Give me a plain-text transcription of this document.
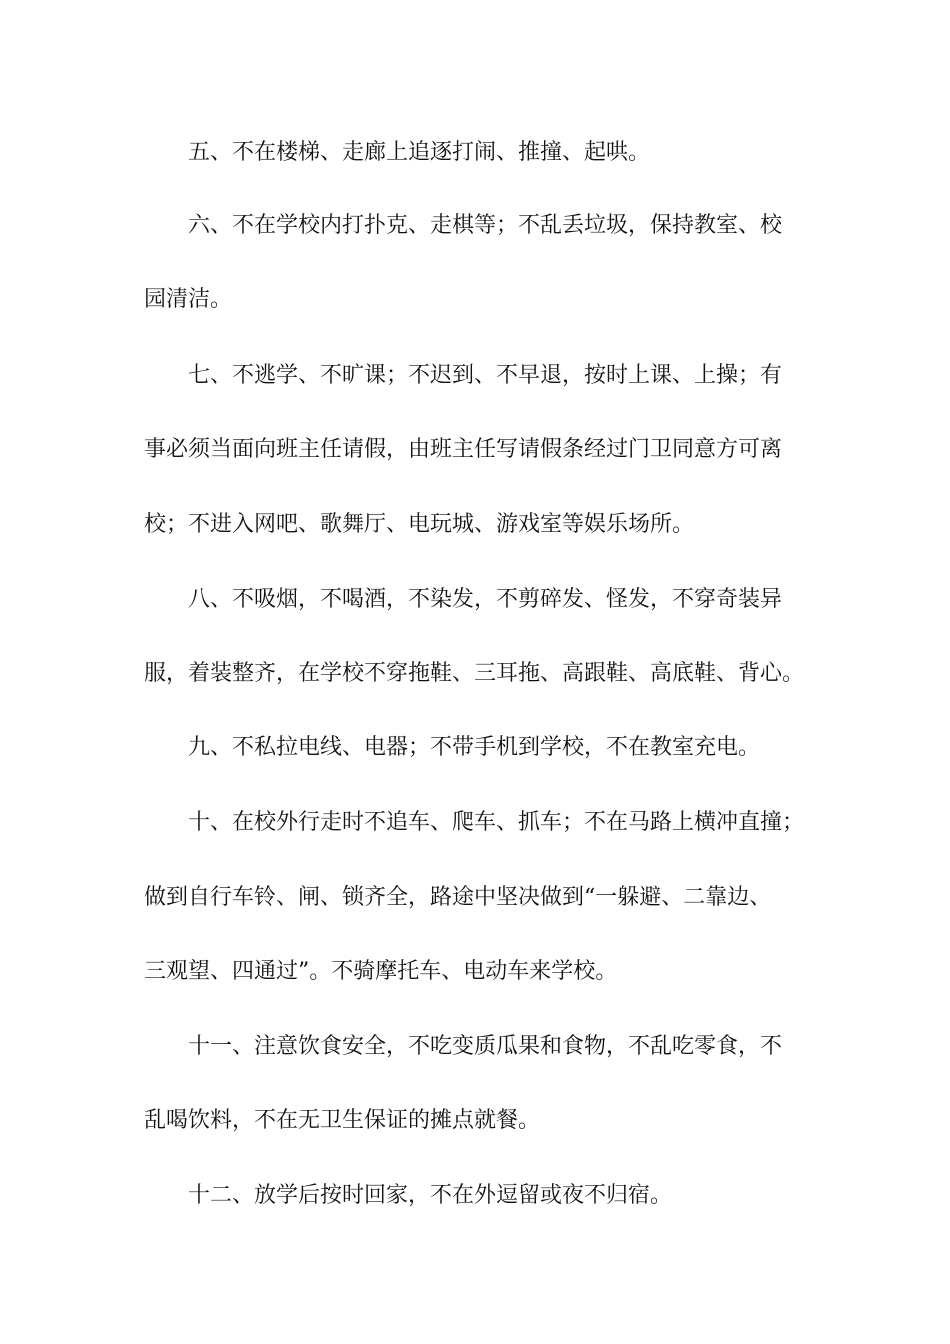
五、不在楼梯、走廊上追逐打闹、推撞、起哄。

六、不在学校内打扑克、走棋等；不乱丢垃圾，保持教室、校

园清洁。

七、不逃学、不旷课；不迟到、不早退，按时上课、上操；有

事必须当面向班主任请假，由班主任写请假条经过门卫同意方可离

校；不进入网吧、歌舞厅、电玩城、游戏室等娱乐场所。

八、不吸烟，不喝酒，不染发，不剪碎发、怪发，不穿奇装异

服，着装整齐，在学校不穿拖鞋、三耳拖、高跟鞋、高底鞋、背心。

九、不私拉电线、电器；不带手机到学校，不在教室充电。

十、在校外行走时不追车、爬车、抓车；不在马路上横冲直撞；

做到自行车铃、闸、锁齐全，路途中坚决做到“一躲避、二靠边、

三观望、四通过”。不骑摩托车、电动车来学校。

十一、注意饮食安全，不吃变质瓜果和食物，不乱吃零食，不

乱喝饮料，不在无卫生保证的摊点就餐。

十二、放学后按时回家，不在外逗留或夜不归宿。
